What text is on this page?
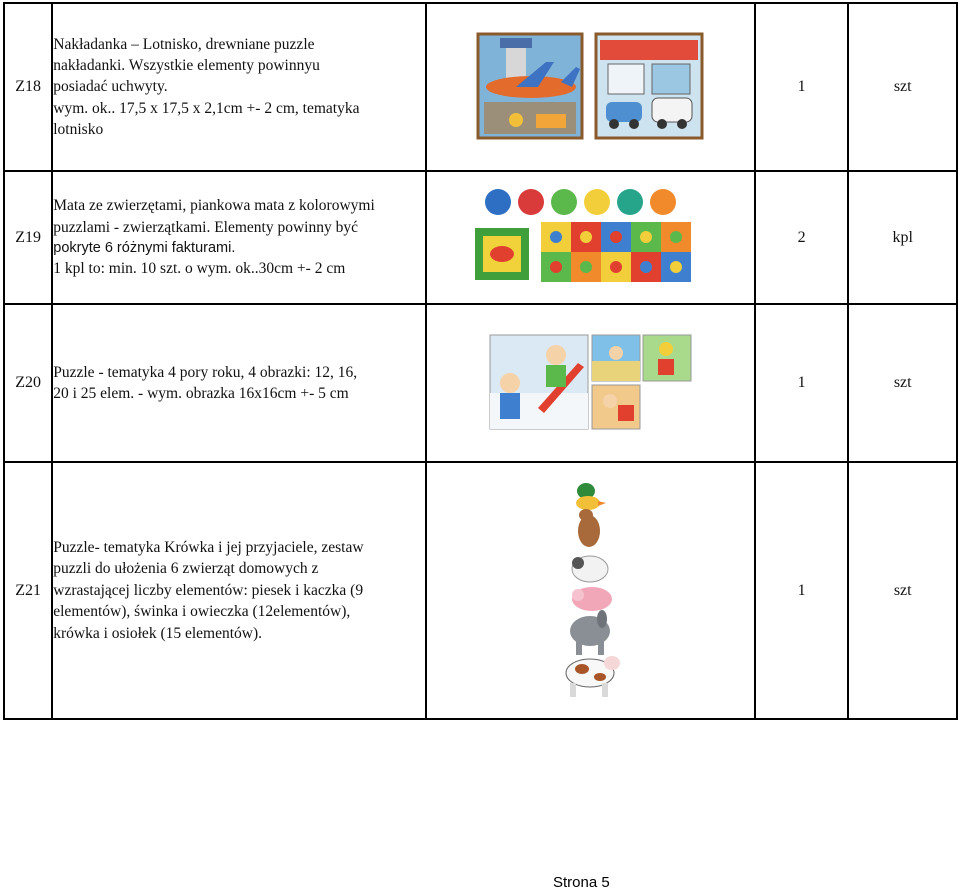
Z18	Nakładanka – Lotnisko, drewniane puzzle
nakładanki. Wszystkie elementy powinnyu
posiadać uchwyty.
wym. ok.. 17,5 x 17,5 x 2,1cm +- 2 cm, tematyka
lotnisko		1	szt
Z19	Mata ze zwierzętami, piankowa mata z kolorowymi
puzzlami - zwierzątkami. Elementy powinny być
pokryte 6 różnymi fakturami.
1 kpl to: min. 10 szt. o wym. ok..30cm +- 2 cm		2	kpl
Z20	Puzzle - tematyka 4 pory roku, 4 obrazki: 12, 16,
20 i 25 elem. - wym. obrazka 16x16cm +- 5 cm		1	szt
Z21	Puzzle- tematyka Krówka i jej przyjaciele, zestaw
puzzli do ułożenia 6 zwierząt domowych z
wzrastającej liczby elementów: piesek i kaczka (9
elementów), świnka i owieczka (12elementów),
krówka i osiołek (15 elementów).		1	szt
Strona 5
